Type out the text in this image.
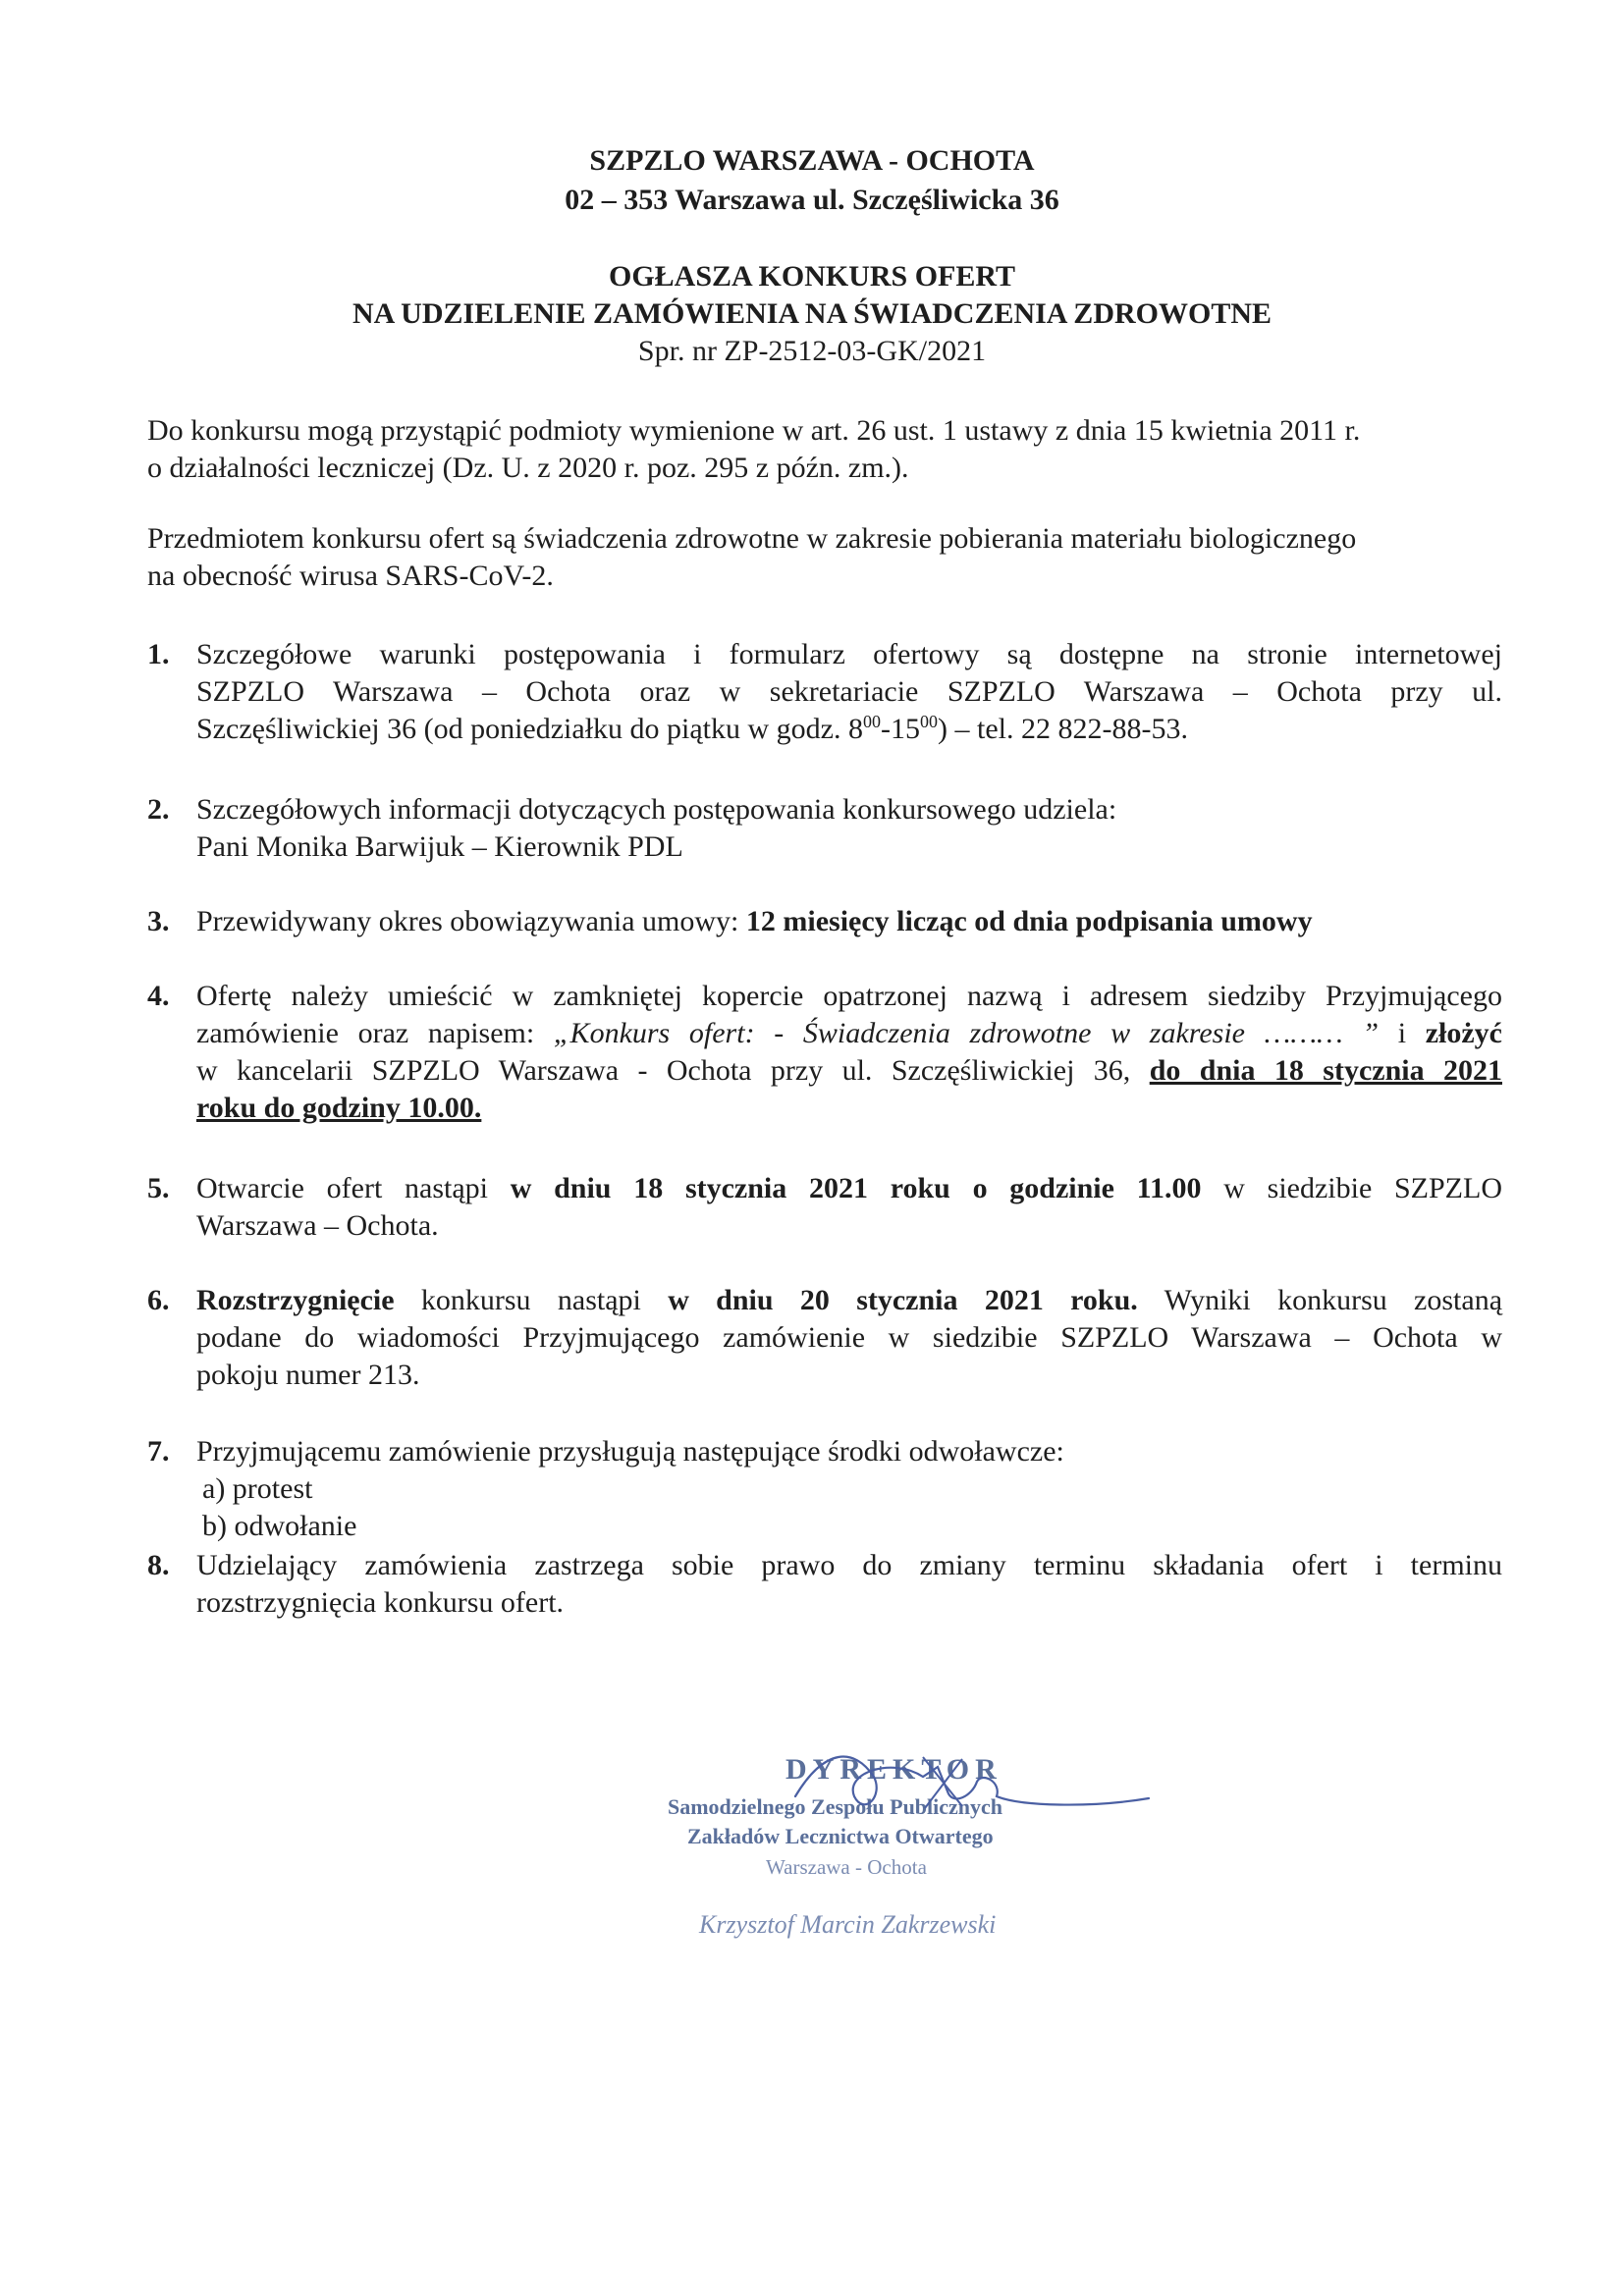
SZPZLO WARSZAWA - OCHOTA
02 – 353 Warszawa ul. Szczęśliwicka 36
OGŁASZA KONKURS OFERT
NA UDZIELENIE ZAMÓWIENIA NA ŚWIADCZENIA ZDROWOTNE
Spr. nr ZP-2512-03-GK/2021
Do konkursu mogą przystąpić podmioty wymienione w art. 26 ust. 1 ustawy z dnia 15 kwietnia 2011 r.
o działalności leczniczej (Dz. U. z 2020 r. poz. 295 z późn. zm.).
Przedmiotem konkursu ofert są świadczenia zdrowotne w zakresie pobierania materiału biologicznego
na obecność wirusa SARS-CoV-2.
1. Szczegółowe warunki postępowania i formularz ofertowy są dostępne na stronie internetowej
SZPZLO Warszawa – Ochota oraz w sekretariacie SZPZLO Warszawa – Ochota przy ul.
Szczęśliwickiej 36 (od poniedziałku do piątku w godz. $8^{00}-15^{00}$) – tel. 22 822-88-53.
2. Szczegółowych informacji dotyczących postępowania konkursowego udziela:
Pani Monika Barwijuk – Kierownik PDL
3. Przewidywany okres obowiązywania umowy: 12 miesięcy licząc od dnia podpisania umowy
4. Ofertę należy umieścić w zamkniętej kopercie opatrzonej nazwą i adresem siedziby Przyjmującego
zamówienie oraz napisem: „Konkurs ofert: - Świadczenia zdrowotne w zakresie ……… ” i złożyć
w kancelarii SZPZLO Warszawa - Ochota przy ul. Szczęśliwickiej 36, do dnia 18 stycznia 2021
roku do godziny 10.00.
5. Otwarcie ofert nastąpi w dniu 18 stycznia 2021 roku o godzinie 11.00 w siedzibie SZPZLO
Warszawa – Ochota.
6. Rozstrzygnięcie konkursu nastąpi w dniu 20 stycznia 2021 roku. Wyniki konkursu zostaną
podane do wiadomości Przyjmującego zamówienie w siedzibie SZPZLO Warszawa – Ochota w
pokoju numer 213.
7. Przyjmującemu zamówienie przysługują następujące środki odwoławcze:
a) protest
b) odwołanie
8. Udzielający zamówienia zastrzega sobie prawo do zmiany terminu składania ofert i terminu
rozstrzygnięcia konkursu ofert.
DYREKTOR
Samodzielnego Zespołu Publicznych
Zakładów Lecznictwa Otwartego
Warszawa - Ochota
Krzysztof Marcin Zakrzewski
